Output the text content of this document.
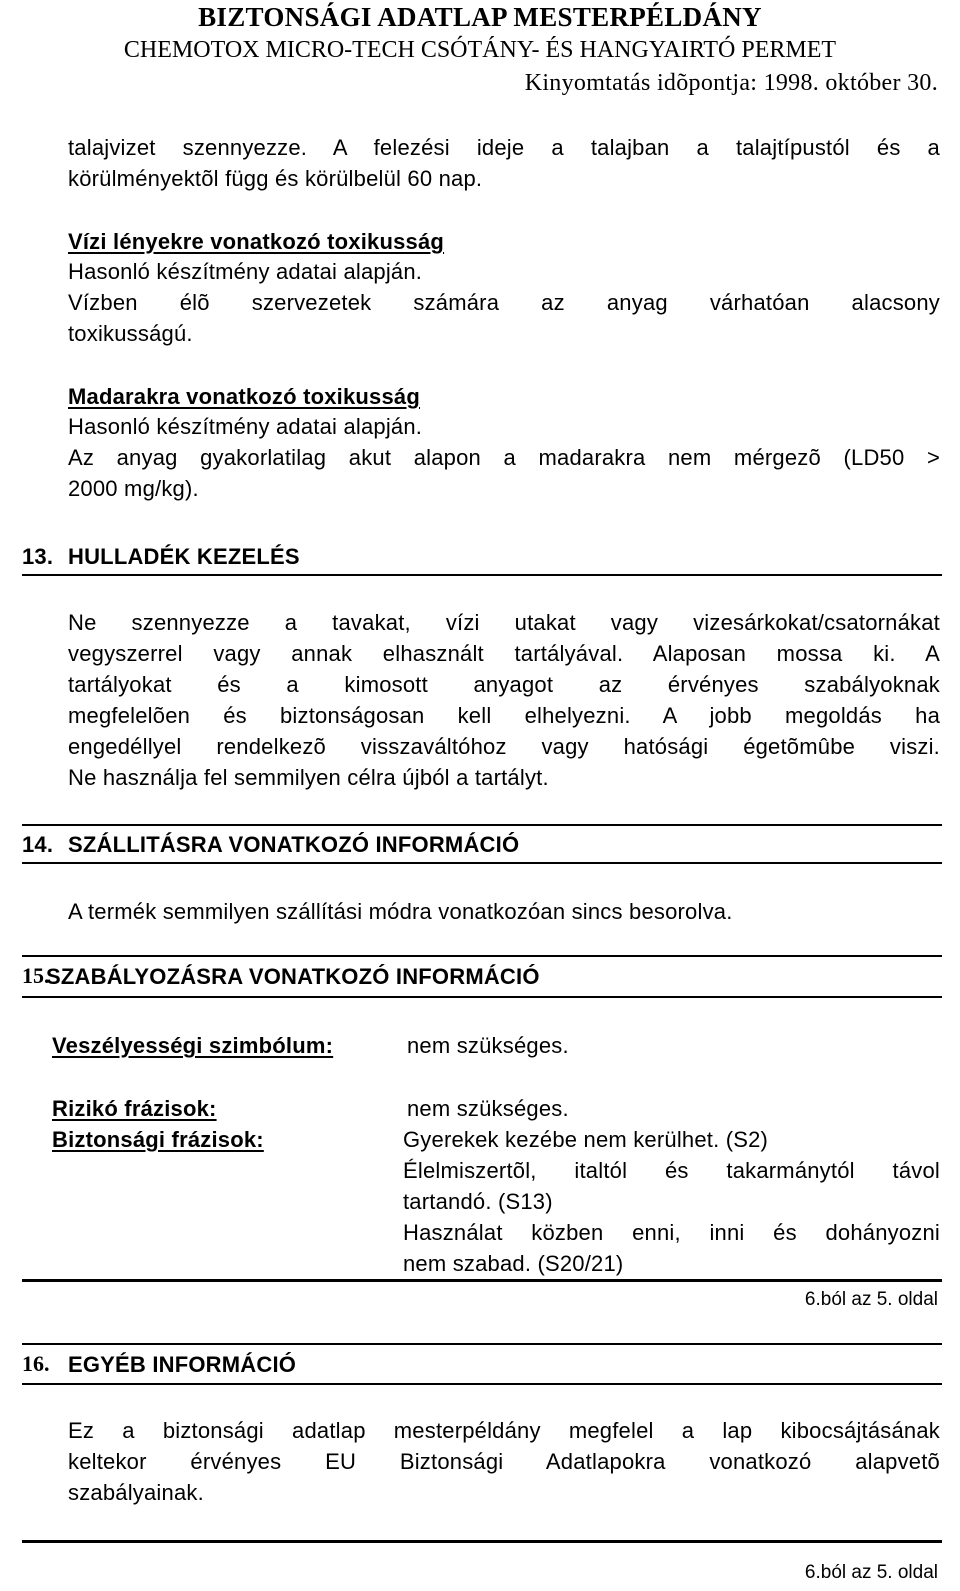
BIZTONSÁGI ADATLAP MESTERPÉLDÁNY
CHEMOTOX MICRO-TECH CSÓTÁNY- ÉS HANGYAIRTÓ PERMET
Kinyomtatás idõpontja: 1998. október 30.
talajvizet szennyezze. A felezési ideje a talajban a talajtípustól és a
körülményektõl függ és körülbelül 60 nap.
Vízi lényekre vonatkozó toxikusság
Hasonló készítmény adatai alapján.
Vízben élõ szervezetek számára az anyag várhatóan alacsony
toxikusságú.
Madarakra vonatkozó toxikusság
Hasonló készítmény adatai alapján.
Az anyag gyakorlatilag akut alapon a madarakra nem mérgezõ (LD50 >
2000 mg/kg).
13. HULLADÉK KEZELÉS
Ne szennyezze a tavakat, vízi utakat vagy vizesárkokat/csatornákat
vegyszerrel vagy annak elhasznált tartályával. Alaposan mossa ki. A
tartályokat és a kimosott anyagot az érvényes szabályoknak
megfelelõen és biztonságosan kell elhelyezni. A jobb megoldás ha
engedéllyel rendelkezõ visszaváltóhoz vagy hatósági égetõmûbe viszi.
Ne használja fel semmilyen célra újból a tartályt.
14. SZÁLLITÁSRA VONATKOZÓ INFORMÁCIÓ
A termék semmilyen szállítási módra vonatkozóan sincs besorolva.
15.
SZABÁLYOZÁSRA VONATKOZÓ INFORMÁCIÓ
Veszélyességi szimbólum:	nem szükséges.
Rizikó frázisok:	nem szükséges.
Biztonsági frázisok:	Gyerekek kezébe nem kerülhet. (S2)
Élelmiszertõl, italtól és takarmánytól távol
tartandó. (S13)
Használat közben enni, inni és dohányozni
nem szabad. (S20/21)
6.ból az 5. oldal
16. EGYÉB INFORMÁCIÓ
Ez a biztonsági adatlap mesterpéldány megfelel a lap kibocsájtásának
keltekor érvényes EU Biztonsági Adatlapokra vonatkozó alapvetõ
szabályainak.
6.ból az 5. oldal
